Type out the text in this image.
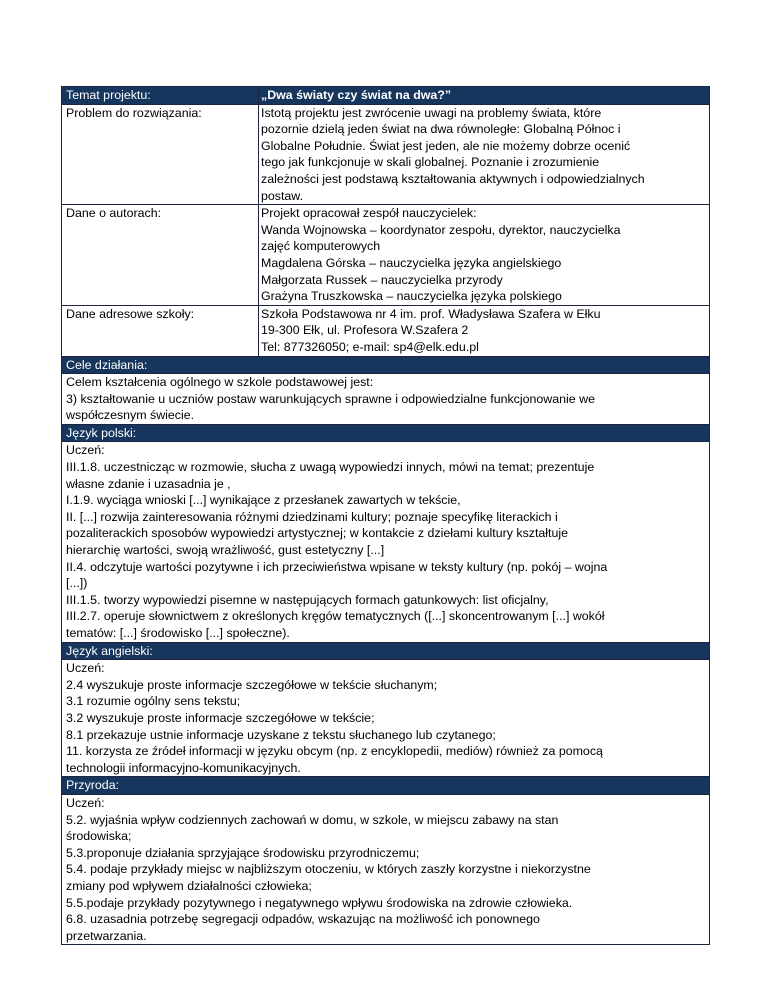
Temat projektu:	„Dwa światy czy świat na dwa?”
Problem do rozwiązania:	Istotą projektu jest zwrócenie uwagi na problemy świata, które
pozornie dzielą jeden świat na dwa równoległe: Globalną Północ i
Globalne Południe. Świat jest jeden, ale nie możemy dobrze ocenić
tego jak funkcjonuje w skali globalnej. Poznanie i zrozumienie
zależności jest podstawą kształtowania aktywnych i odpowiedzialnych
postaw.
Dane o autorach:	Projekt opracował zespół nauczycielek:
Wanda Wojnowska – koordynator zespołu, dyrektor, nauczycielka
zajęć komputerowych
Magdalena Górska – nauczycielka języka angielskiego
Małgorzata Russek – nauczycielka przyrody
Grażyna Truszkowska – nauczycielka języka polskiego
Dane adresowe szkoły:	Szkoła Podstawowa nr 4 im. prof. Władysława Szafera w Ełku
19-300 Ełk, ul. Profesora W.Szafera 2
Tel: 877326050; e-mail: sp4@elk.edu.pl
Cele działania:
Celem kształcenia ogólnego w szkole podstawowej jest:
3) kształtowanie u uczniów postaw warunkujących sprawne i odpowiedzialne funkcjonowanie we
współczesnym świecie.
Język polski:
Uczeń:
III.1.8. uczestnicząc w rozmowie, słucha z uwagą wypowiedzi innych, mówi na temat; prezentuje
własne zdanie i uzasadnia je ,
I.1.9. wyciąga wnioski [...] wynikające z przesłanek zawartych w tekście,
II. [...] rozwija zainteresowania różnymi dziedzinami kultury; poznaje specyfikę literackich i
pozaliterackich sposobów wypowiedzi artystycznej; w kontakcie z dziełami kultury kształtuje
hierarchię wartości, swoją wrażliwość, gust estetyczny [...]
II.4. odczytuje wartości pozytywne i ich przeciwieństwa wpisane w teksty kultury (np. pokój – wojna
[...])
III.1.5. tworzy wypowiedzi pisemne w następujących formach gatunkowych: list oficjalny,
III.2.7. operuje słownictwem z określonych kręgów tematycznych ([...] skoncentrowanym [...] wokół
tematów: [...] środowisko [...] społeczne).
Język angielski:
Uczeń:
2.4 wyszukuje proste informacje szczegółowe w tekście słuchanym;
3.1 rozumie ogólny sens tekstu;
3.2 wyszukuje proste informacje szczegółowe w tekście;
8.1 przekazuje ustnie informacje uzyskane z tekstu słuchanego lub czytanego;
11. korzysta ze źródeł informacji w języku obcym (np. z encyklopedii, mediów) również za pomocą
technologii informacyjno-komunikacyjnych.
Przyroda:
Uczeń:
5.2. wyjaśnia wpływ codziennych zachowań w domu, w szkole, w miejscu zabawy na stan
środowiska;
5.3.proponuje działania sprzyjające środowisku przyrodniczemu;
5.4. podaje przykłady miejsc w najbliższym otoczeniu, w których zaszły korzystne i niekorzystne
zmiany pod wpływem działalności człowieka;
5.5.podaje przykłady pozytywnego i negatywnego wpływu środowiska na zdrowie człowieka.
6.8. uzasadnia potrzebę segregacji odpadów, wskazując na możliwość ich ponownego
przetwarzania.
